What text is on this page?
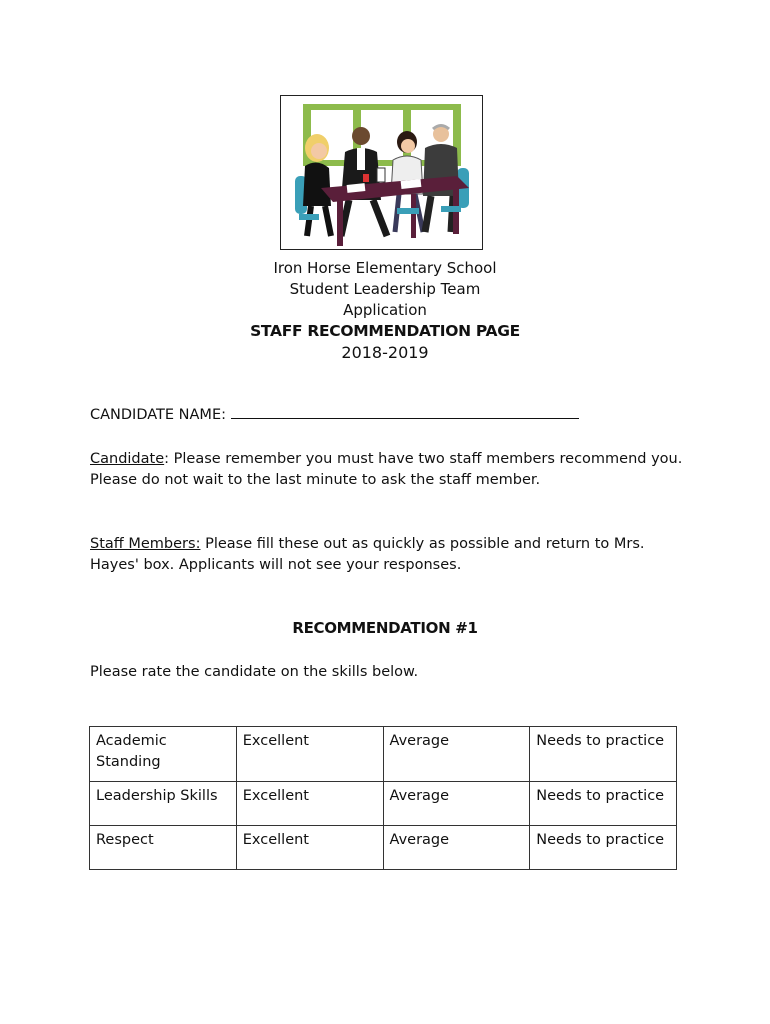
Iron Horse Elementary School
Student Leadership Team
Application
STAFF RECOMMENDATION PAGE
2018-2019
CANDIDATE NAME:
Candidate: Please remember you must have two staff members recommend you. Please do not wait to the last minute to ask the staff member.
Staff Members: Please fill these out as quickly as possible and return to Mrs. Hayes' box. Applicants will not see your responses.
RECOMMENDATION #1
Please rate the candidate on the skills below.
Academic Standing	Excellent	Average	Needs to practice
Leadership Skills	Excellent	Average	Needs to practice
Respect	Excellent	Average	Needs to practice
